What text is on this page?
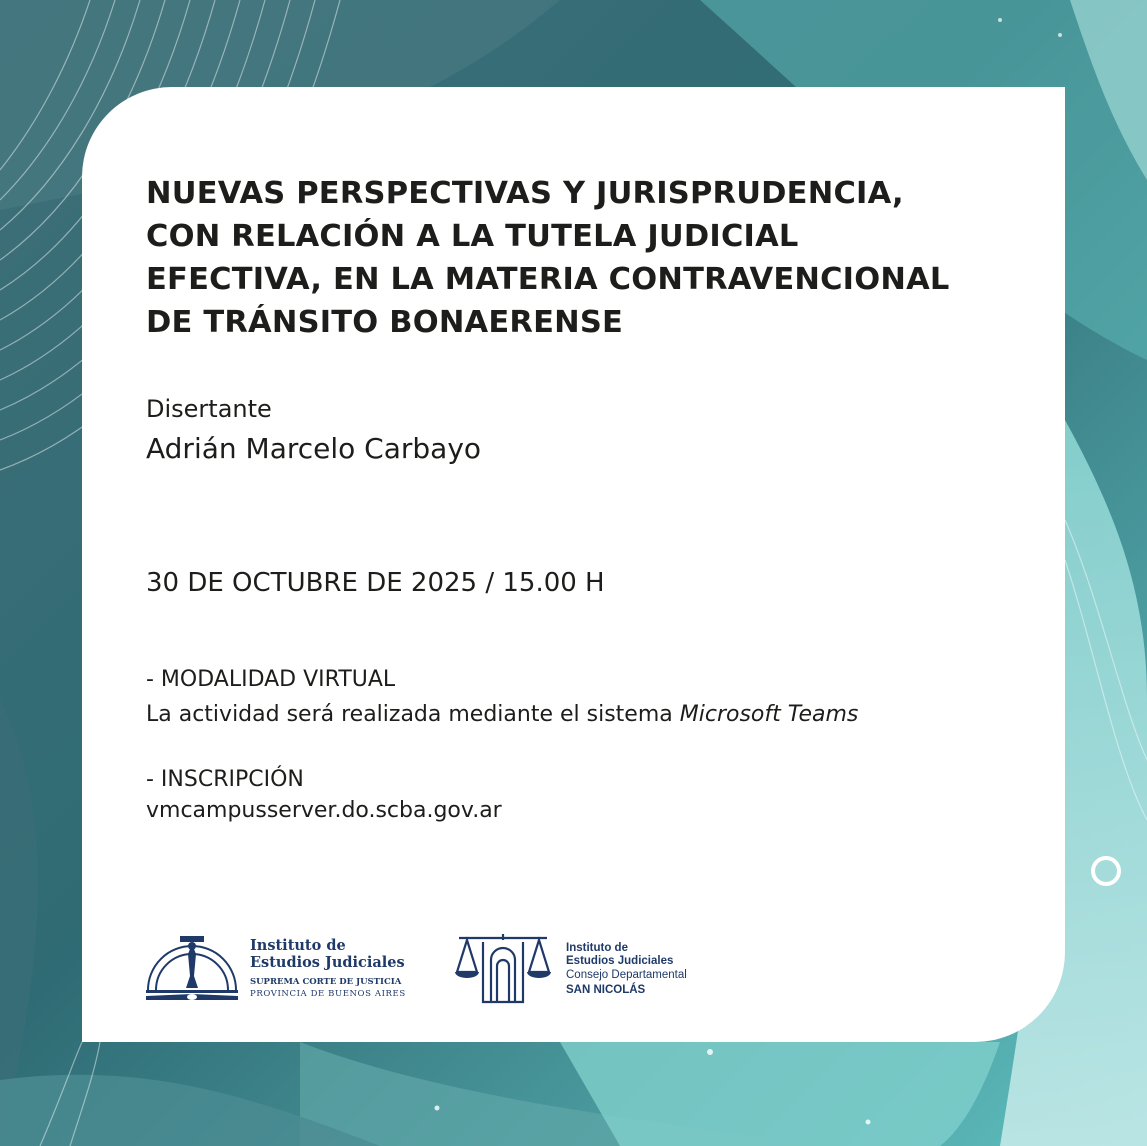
NUEVAS PERSPECTIVAS Y JURISPRUDENCIA,
CON RELACIÓN A LA TUTELA JUDICIAL
EFECTIVA, EN LA MATERIA CONTRAVENCIONAL
DE TRÁNSITO BONAERENSE

Disertante

Adrián Marcelo Carbayo

30 DE OCTUBRE DE 2025 / 15.00 H

- MODALIDAD VIRTUAL

La actividad será realizada mediante el sistema Microsoft Teams

- INSCRIPCIÓN

vmcampusserver.do.scba.gov.ar

Instituto de
Estudios Judiciales
SUPREMA CORTE DE JUSTICIA
PROVINCIA DE BUENOS AIRES
Instituto de
Estudios Judiciales
Consejo Departamental
SAN NICOLÁS
